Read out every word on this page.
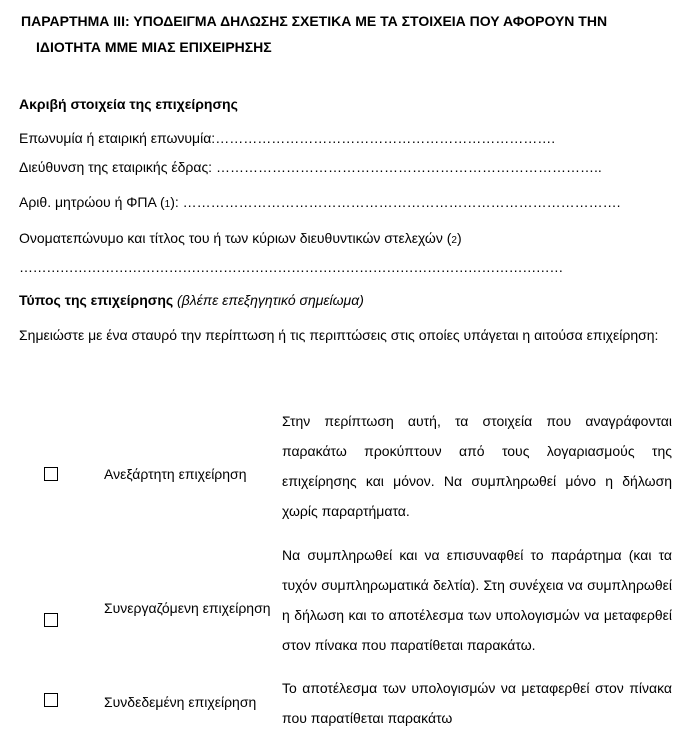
ΠΑΡΑΡΤΗΜΑ ΙΙΙ: ΥΠΟΔΕΙΓΜΑ ΔΗΛΩΣΗΣ ΣΧΕΤΙΚΑ ΜΕ ΤΑ ΣΤΟΙΧΕΙΑ ΠΟΥ ΑΦΟΡΟΥΝ ΤΗΝ
ΙΔΙΟΤΗΤΑ ΜΜΕ ΜΙΑΣ ΕΠΙΧΕΙΡΗΣΗΣ

Ακριβή στοιχεία της επιχείρησης

Επωνυμία ή εταιρική επωνυμία:……………………………………………………………….

Διεύθυνση της εταιρικής έδρας: ………………………………………………………………………..

Αριθ. μητρώου ή ΦΠΑ (1): ………………………………………………………………………………….

Ονοματεπώνυμο και τίτλος του ή των κύριων διευθυντικών στελεχών (2)

…………………………………………………………………………………………………………

Τύπος της επιχείρησης (βλέπε επεξηγητικό σημείωμα)

Σημειώστε με ένα σταυρό την περίπτωση ή τις περιπτώσεις στις οποίες υπάγεται η αιτούσα επιχείρηση:

Ανεξάρτητη επιχείρηση

Στην περίπτωση αυτή, τα στοιχεία που αναγράφονται παρακάτω προκύπτουν από τους λογαριασμούς της επιχείρησης και μόνον. Να συμπληρωθεί μόνο η δήλωση χωρίς παραρτήματα.

Συνεργαζόμενη επιχείρηση

Να συμπληρωθεί και να επισυναφθεί το παράρτημα (και τα τυχόν συμπληρωματικά δελτία). Στη συνέχεια να συμπληρωθεί η δήλωση και το αποτέλεσμα των υπολογισμών να μεταφερθεί στον πίνακα που παρατίθεται παρακάτω.

Συνδεδεμένη επιχείρηση

Το αποτέλεσμα των υπολογισμών να μεταφερθεί στον πίνακα που παρατίθεται παρακάτω
